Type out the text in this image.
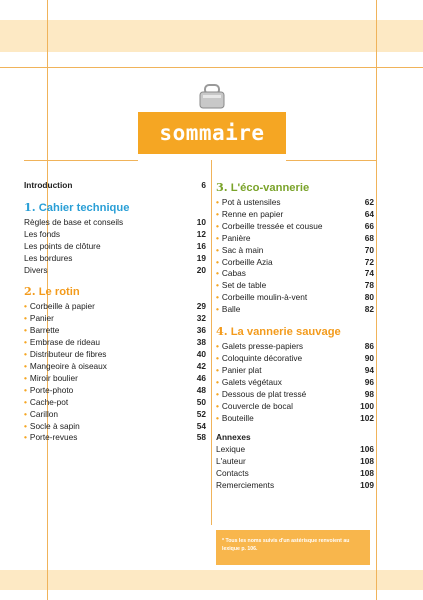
sommaire
Introduction	6
1. Cahier technique
Règles de base et conseils	10
Les fonds	12
Les points de clôture	16
Les bordures	19
Divers	20
2. Le rotin
• Corbeille à papier	29
• Panier	32
• Barrette	36
• Embrase de rideau	38
• Distributeur de fibres	40
• Mangeoire à oiseaux	42
• Miroir boulier	46
• Porte-photo	48
• Cache-pot	50
• Carillon	52
• Socle à sapin	54
• Porte-revues	58
3. L'éco-vannerie
• Pot à ustensiles	62
• Renne en papier	64
• Corbeille tressée et cousue	66
• Panière	68
• Sac à main	70
• Corbeille Azia	72
• Cabas	74
• Set de table	78
• Corbeille moulin-à-vent	80
• Balle	82
4. La vannerie sauvage
• Galets presse-papiers	86
• Coloquinte décorative	90
• Panier plat	94
• Galets végétaux	96
• Dessous de plat tressé	98
• Couvercle de bocal	100
• Bouteille	102
Annexes
Lexique	106
L'auteur	108
Contacts	108
Remerciements	109
* Tous les noms suivis d'un astérisque renvoient au lexique p. 106.
